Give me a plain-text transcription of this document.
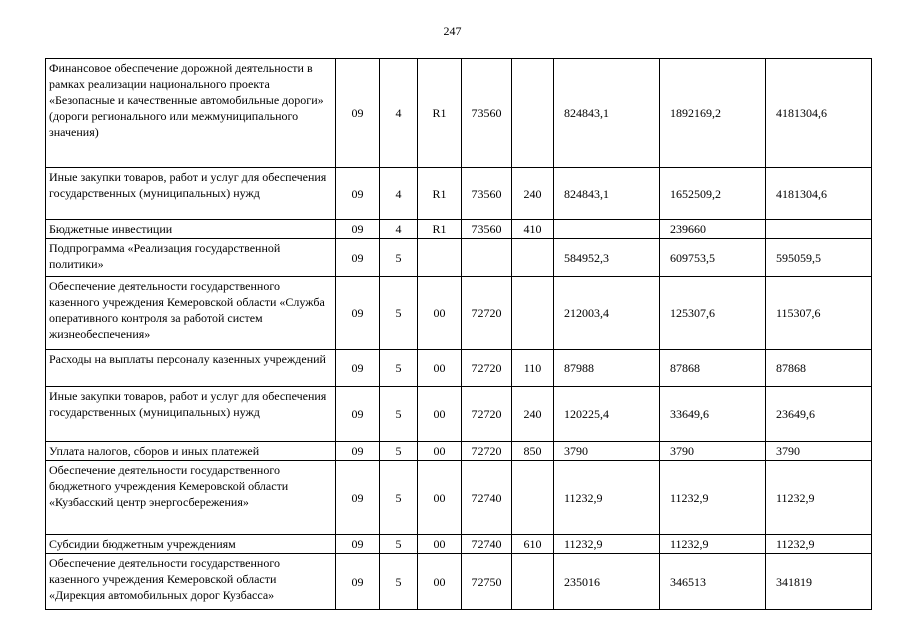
247
Финансовое обеспечение дорожной деятельности в рамках реализации национального проекта «Безопасные и качественные автомобильные дороги» (дороги регионального или межмуниципального значения)	09	4	R1	73560		824843,1	1892169,2	4181304,6
Иные закупки товаров, работ и услуг для обеспечения государственных (муниципальных) нужд	09	4	R1	73560	240	824843,1	1652509,2	4181304,6
Бюджетные инвестиции	09	4	R1	73560	410		239660	
Подпрограмма «Реализация государственной политики»	09	5				584952,3	609753,5	595059,5
Обеспечение деятельности государственного казенного учреждения Кемеровской области «Служба оперативного контроля за работой систем жизнеобеспечения»	09	5	00	72720		212003,4	125307,6	115307,6
Расходы на выплаты персоналу казенных учреждений	09	5	00	72720	110	87988	87868	87868
Иные закупки товаров, работ и услуг для обеспечения государственных (муниципальных) нужд	09	5	00	72720	240	120225,4	33649,6	23649,6
Уплата налогов, сборов и иных платежей	09	5	00	72720	850	3790	3790	3790
Обеспечение деятельности государственного бюджетного учреждения Кемеровской области «Кузбасский центр энергосбережения»	09	5	00	72740		11232,9	11232,9	11232,9
Субсидии бюджетным учреждениям	09	5	00	72740	610	11232,9	11232,9	11232,9
Обеспечение деятельности государственного казенного учреждения Кемеровской области «Дирекция автомобильных дорог Кузбасса»	09	5	00	72750		235016	346513	341819
